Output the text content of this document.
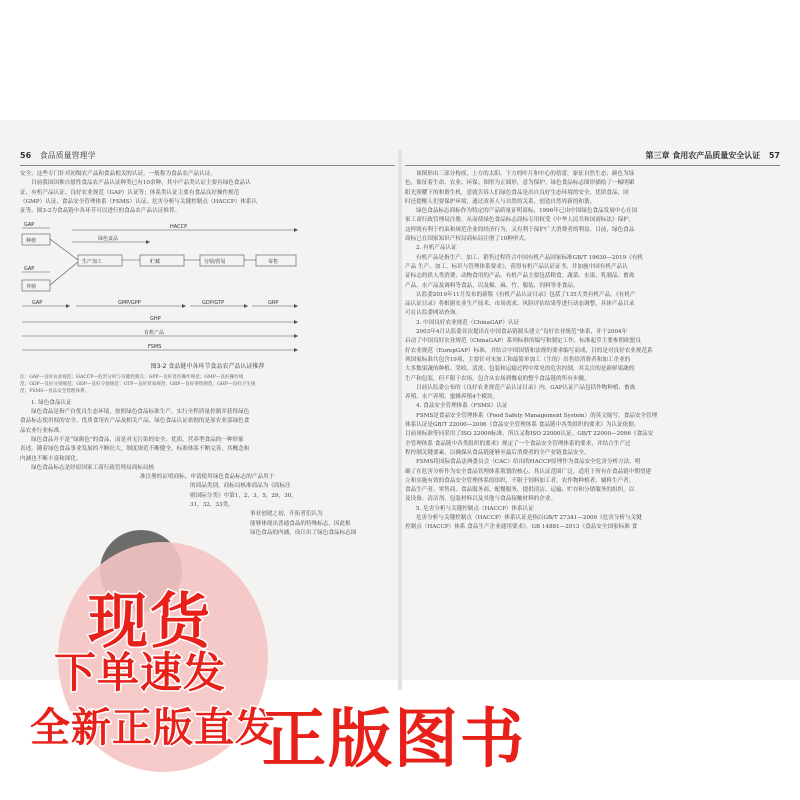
56 食品质量管理学

安全、这些专门针对初级农产品和食品相关的认证，一般称为食品农产品认证。

目前我国国推自愿性食品农产品认证种类已有10余种。其中产品类认证主要有绿色食品认

证、有机产品认证、良好农业规范（GAP）认证等；体系类认证主要有食品良好操作规范

（GMP）认证、食品安全管理体系（FSMS）认证、危害分析与关键控制点（HACCP）体系认

证等。图3-2为食品链中各环节可以进行的食品农产品认证推荐。

GAP
种植
GAP
养殖
生产加工	贮藏	分销/贸易	零售
HACCP
绿色食品
GAP	GMP/GPP	GDP/GTP	GRP
GHP
有机产品
FSMS
图3-2 食品链中各环节食品农产品认证推荐
注：GAP—良好农业规范；HACCP—危害分析与关键控制点；GPP—良好兽医操作规范；GMP—良好操作规
范；GDP—良好分销规范；GDP—良好分销规范；GTP—良好贸易规范；GRP—良好零售规范；GHP—良好卫生规
范；FSMS—食品安全管理体系。
1. 绿色食品认证

绿色食品是指产自优良生态环境，按照绿色食品标准生产，实行全程质量控制并获得绿色

食品标志使用权的安全、优质食用农产品及相关产品。绿色食品认证依据的是原农业部绿色食

品农业行业标准。

绿色食品并不是“绿颜色”的食品，而是对无污染的安全、优质、营养型食品的一种形象

表述。随着绿色食品事业发展的不断壮大，制度规范不断健全，标准体系不断完善，其概念和

内涵也不断丰富和深化。

绿色食品标志是经原国家工商行政管理局商标局核

准注册的证明商标。申请使用绿色食品标志的产品用于

的商品类别，商标局核准商品为《商标注

则国际分类》中第1，2，3，5，29，30，

31，32，33类。

事业创建之初，开拓者们认为

能够体现出普通食品的特殊标志，因此根

绿色食品的内涵，设计出了绿色食品标志图

第三章 食用农产品质量安全认证 57

该图形由三部分构成，上方的太阳、下方的叶片和中心的蓓蕾，象征自然生态；颜色为绿

色，象征着生命、农业、环保；图形为正圆形，意为保护。绿色食品标志图形描绘了一幅明媚

阳光照耀下的和谐生机，意就告诉人们绿色食品是出自良好生态环境的安全、优质食品，同

时还提醒人们要保护环境，通过改善人与自然的关系，创造自然界新的和谐。

绿色食品标志商标作为特定的产品质量证明商标，1996年已由中国绿色食品发展中心在国

家工商行政管理局注册，从而使绿色食品标志商标专用权受《中华人民共和国商标法》保护，

这样既有利于约束和规范企业的经济行为，又有利于保护广大消费者的利益。目前，绿色食品

商标已在国家知识产权局商标局注册了10种形式。

2. 有机产品认证

有机产品是指生产、加工、销售过程符合中国有机产品国家标准GB/T 19630—2019《有机

产品 生产、加工、标识与管理体系要求》，获得有机产品认证证书，并加施中国有机产品认

证标志的供人类消费、动物食用的产品。有机产品主要包括粮食、蔬菜、水果、乳制品、畜禽

产品、水产品及调料等食品，以及棉、麻、竹、服装、饲料等非食品。

认监委2019年11月发布的新版《有机产品认证目录》包括了135大类有机产品。《有机产

品认证目录》将根据农业生产技术、市场需求、风险评估结果等进行动态调整，具体产品目录

可在认监委网站查询。

3. 中国良好农业规范（ChinaGAP）认证

2003年4月认监委首次提出在中国食品链源头建立“良好农业规范”体系，并于2004年

启动了中国良好农业规范（ChinaGAP）系列标准的编写和制定工作，标准起草主要参照欧盟良

好农业规范（EurepGAP）标准，并结合中国国情和法规的要求编写而成，目的是对良好农业规范系

列国家标准共包含19项，主要针对未加工和最简单加工（生的）出售给消费者和加工企业的

大多数果蔬的种植、采收、清洗、包装和运输过程中常见的危害控制，其关注的是新鲜果蔬的

生产和包装，但不限于农场。包含从农场到餐桌的整个食品链的所有步骤。

目前认监委公布的《良好农业规范产品认证目录》内，GAP认证产品包括作物种植、畜禽

养殖、水产养殖、蜜蜂养殖4个模块。

4. 食品安全管理体系（FSMS）认证

FSMS是食品安全管理体系（Food Safety Management System）的英文缩写。食品安全管理

体系认证是GB/T 22000—2006《食品安全管理体系 食品链中各类组织的要求》为认证依据。

目前该标准等同采用了ISO 22000标准，所以又称ISO 22000认证。GB/T 22000—2006《食品安

全管理体系 食品链中各类组织的要求》规定了一个食品安全管理体系的要求，并结合生产过

程控制关键要素，以确保从食品链能够至最后消费者的全产业链食品安全。

FSMS将国际食品法典委员会（CAC）给出的HACCP原理作为食品安全危害分析方法，明

确了在危害分析作为安全食品管理体系策划的核心。其认证范围广泛，适用于所有在食品链中期望建

立和实施有效的食品安全管理体系的组织，不限于饲料加工者、农作物种植者、辅料生产者、

食品生产者、零售商、食品服务商、配餐服务，提供清洁、运输、贮存和分销服务的组织，以

及设备、清洁剂、包装材料以及其他与食品接触材料的企业。

5. 危害分析与关键控制点（HACCP）体系认证

危害分析与关键控制点（HACCP）体系认证是指以GB/T 27341—2009《危害分析与关键

控制点（HACCP）体系 食品生产企业通用要求》，GB 14881—2013《食品安全国家标准 食

现货
下单速发
全新正版直发
正版图书
